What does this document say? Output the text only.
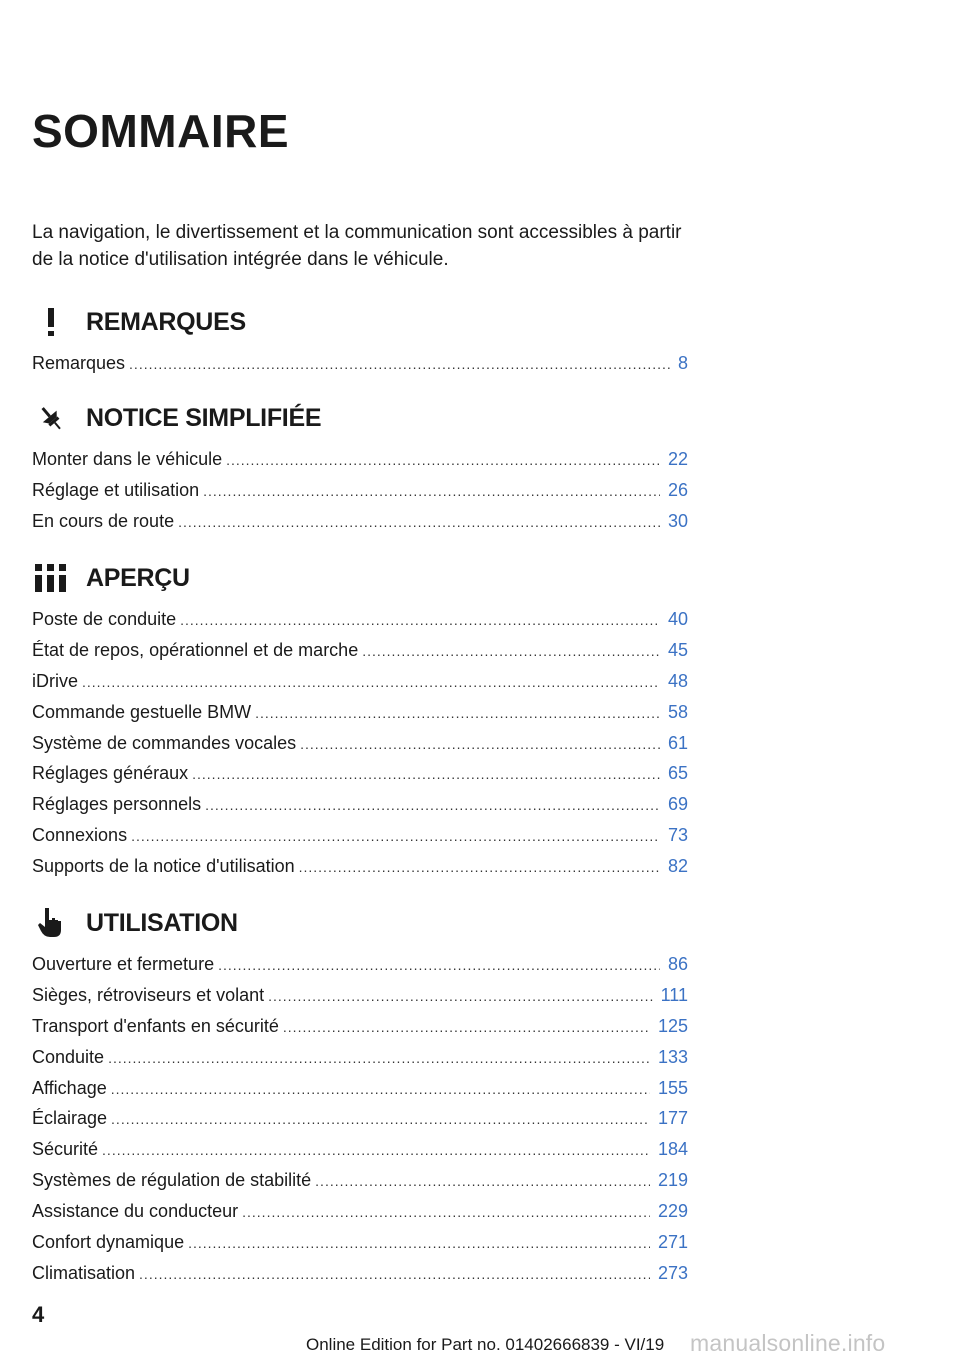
SOMMAIRE

La navigation, le divertissement et la communication sont accessibles à partir de la notice d'utilisation intégrée dans le véhicule.

REMARQUES
Remarques .....	8
NOTICE SIMPLIFIÉE
Monter dans le véhicule .....	22
Réglage et utilisation .....	26
En cours de route .....	30
APERÇU
Poste de conduite .....	40
État de repos, opérationnel et de marche .....	45
iDrive .....	48
Commande gestuelle BMW .....	58
Système de commandes vocales .....	61
Réglages généraux .....	65
Réglages personnels .....	69
Connexions .....	73
Supports de la notice d'utilisation .....	82
UTILISATION
Ouverture et fermeture .....	86
Sièges, rétroviseurs et volant .....	111
Transport d'enfants en sécurité .....	125
Conduite .....	133
Affichage .....	155
Éclairage .....	177
Sécurité .....	184
Systèmes de régulation de stabilité .....	219
Assistance du conducteur .....	229
Confort dynamique .....	271
Climatisation .....	273
4
Online Edition for Part no. 01402666839 - VI/19 manualsonline.info
